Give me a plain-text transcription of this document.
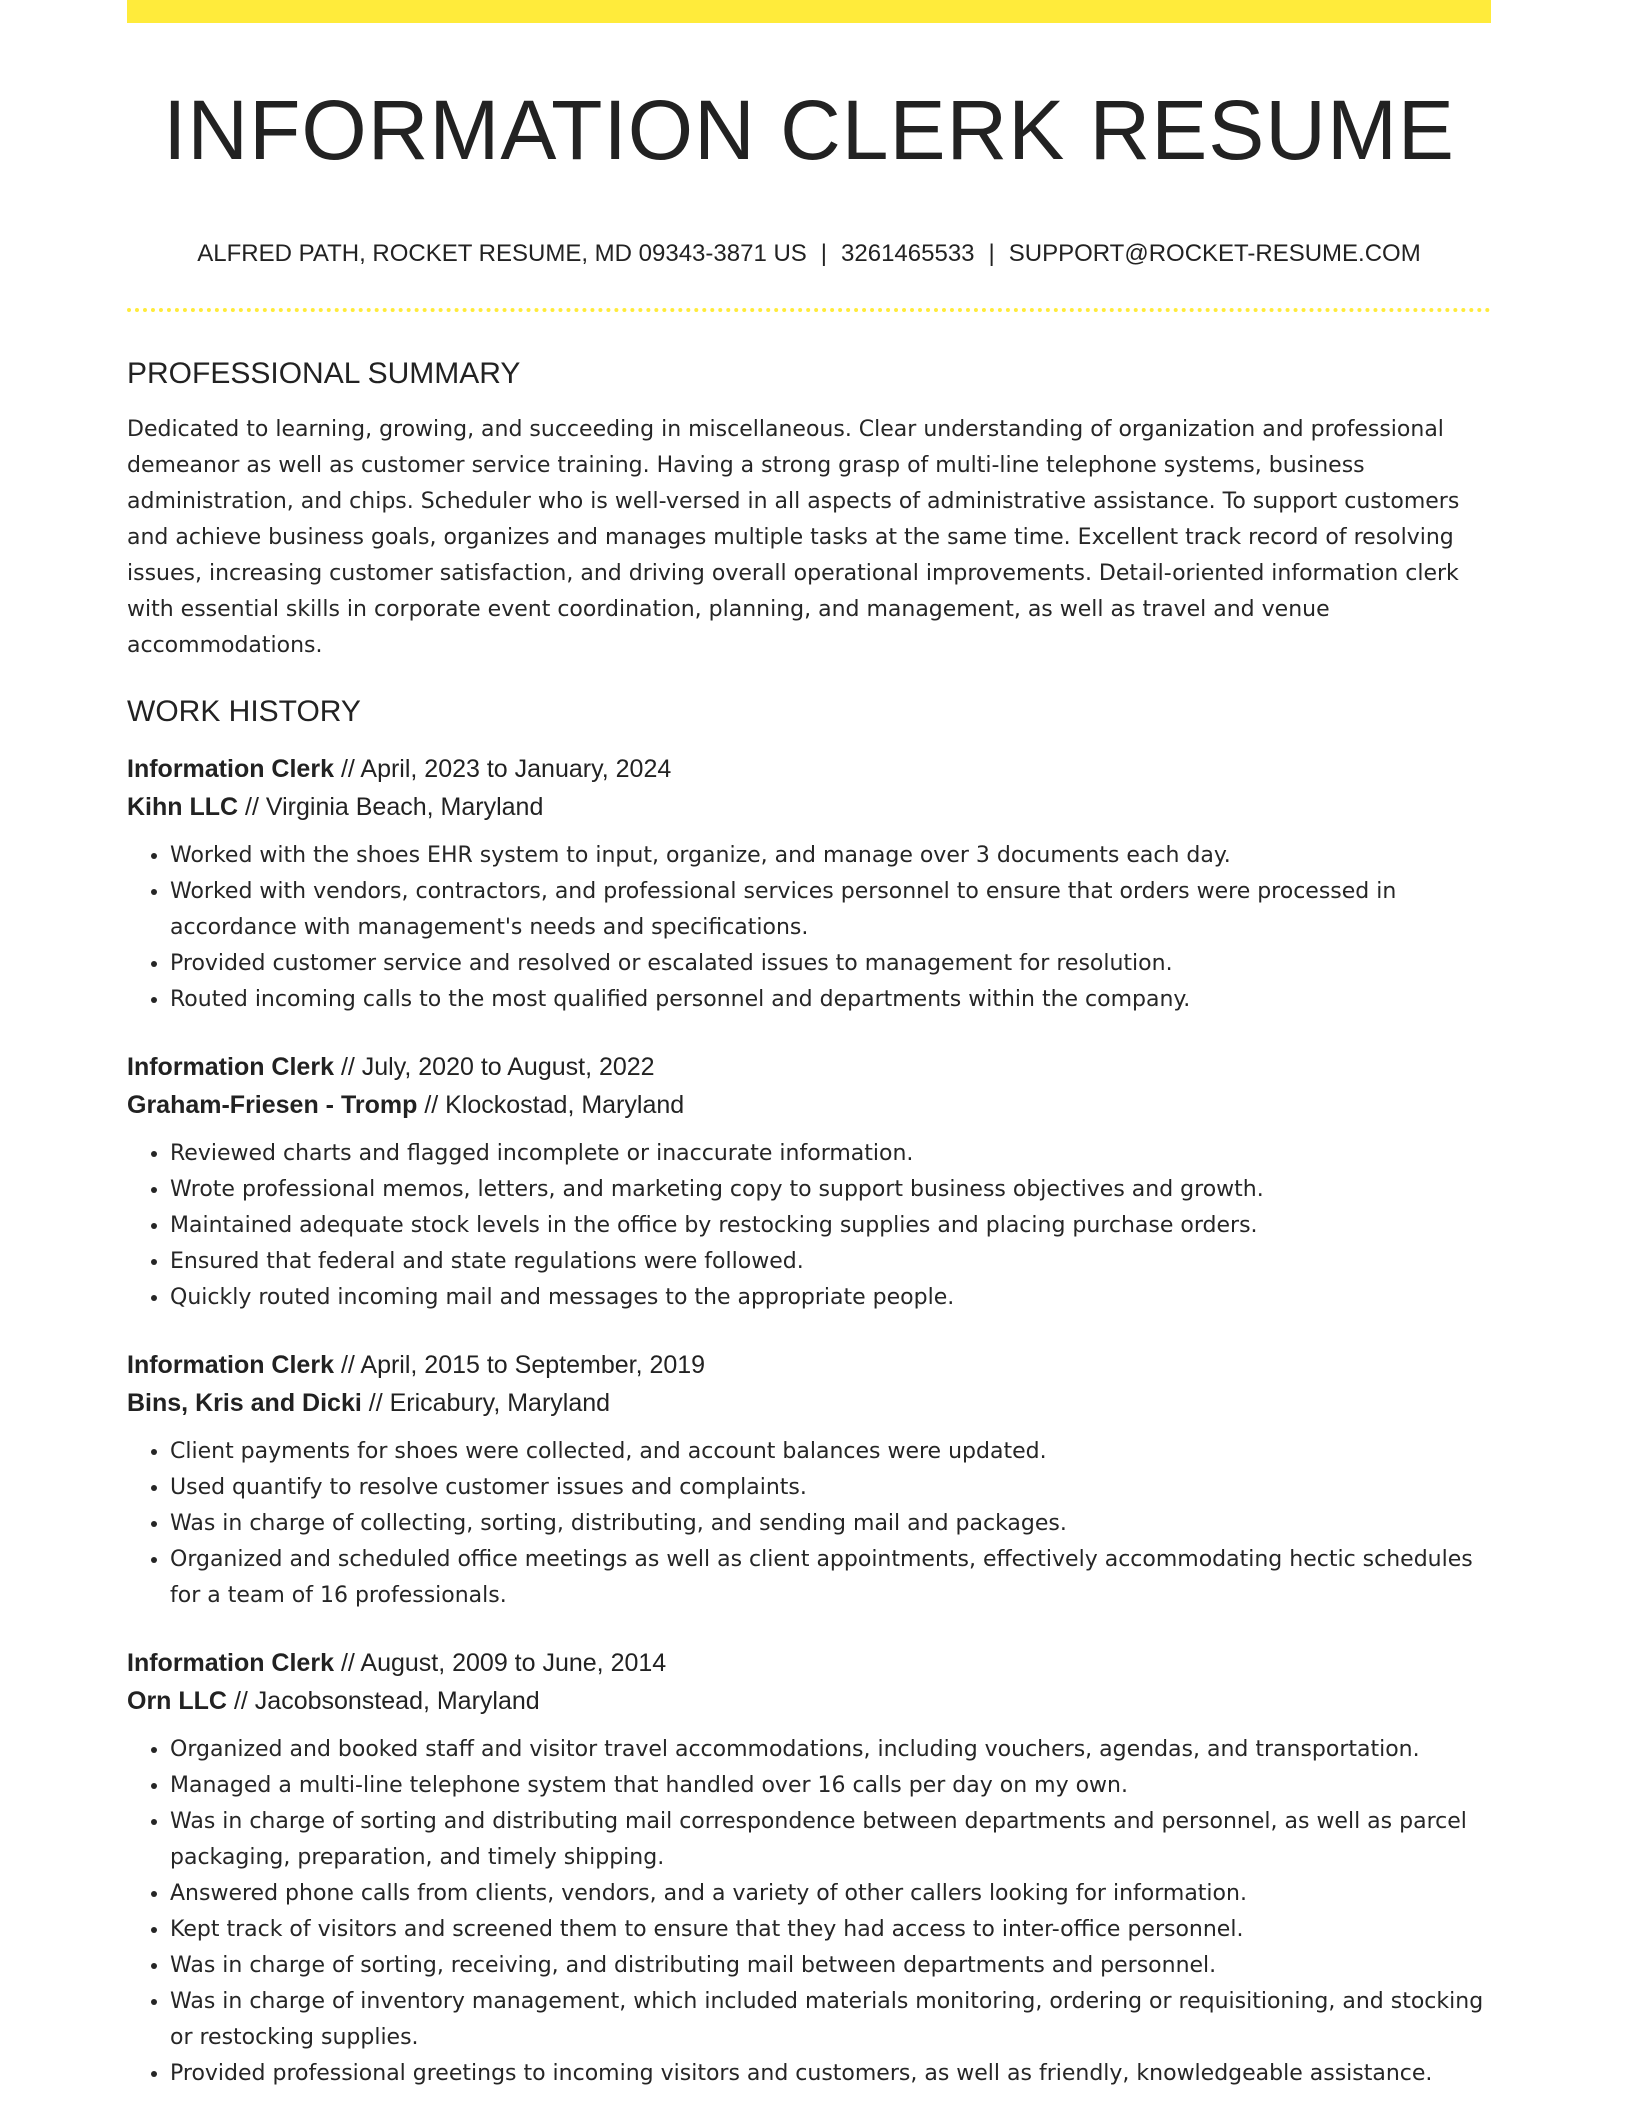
INFORMATION CLERK RESUME
ALFRED PATH, ROCKET RESUME, MD 09343-3871 US | 3261465533 | SUPPORT@ROCKET-RESUME.COM
PROFESSIONAL SUMMARY

Dedicated to learning, growing, and succeeding in miscellaneous. Clear understanding of organization and professional demeanor as well as customer service training. Having a strong grasp of multi-line telephone systems, business administration, and chips. Scheduler who is well-versed in all aspects of administrative assistance. To support customers and achieve business goals, organizes and manages multiple tasks at the same time. Excellent track record of resolving issues, increasing customer satisfaction, and driving overall operational improvements. Detail-oriented information clerk with essential skills in corporate event coordination, planning, and management, as well as travel and venue accommodations.

WORK HISTORY
Information Clerk // April, 2023 to January, 2024
Kihn LLC // Virginia Beach, Maryland
• Worked with the shoes EHR system to input, organize, and manage over 3 documents each day.
• Worked with vendors, contractors, and professional services personnel to ensure that orders were processed in accordance with management's needs and specifications.
• Provided customer service and resolved or escalated issues to management for resolution.
• Routed incoming calls to the most qualified personnel and departments within the company.
Information Clerk // July, 2020 to August, 2022
Graham-Friesen - Tromp // Klockostad, Maryland
• Reviewed charts and flagged incomplete or inaccurate information.
• Wrote professional memos, letters, and marketing copy to support business objectives and growth.
• Maintained adequate stock levels in the office by restocking supplies and placing purchase orders.
• Ensured that federal and state regulations were followed.
• Quickly routed incoming mail and messages to the appropriate people.
Information Clerk // April, 2015 to September, 2019
Bins, Kris and Dicki // Ericabury, Maryland
• Client payments for shoes were collected, and account balances were updated.
• Used quantify to resolve customer issues and complaints.
• Was in charge of collecting, sorting, distributing, and sending mail and packages.
• Organized and scheduled office meetings as well as client appointments, effectively accommodating hectic schedules for a team of 16 professionals.
Information Clerk // August, 2009 to June, 2014
Orn LLC // Jacobsonstead, Maryland
• Organized and booked staff and visitor travel accommodations, including vouchers, agendas, and transportation.
• Managed a multi-line telephone system that handled over 16 calls per day on my own.
• Was in charge of sorting and distributing mail correspondence between departments and personnel, as well as parcel packaging, preparation, and timely shipping.
• Answered phone calls from clients, vendors, and a variety of other callers looking for information.
• Kept track of visitors and screened them to ensure that they had access to inter-office personnel.
• Was in charge of sorting, receiving, and distributing mail between departments and personnel.
• Was in charge of inventory management, which included materials monitoring, ordering or requisitioning, and stocking or restocking supplies.
• Provided professional greetings to incoming visitors and customers, as well as friendly, knowledgeable assistance.
